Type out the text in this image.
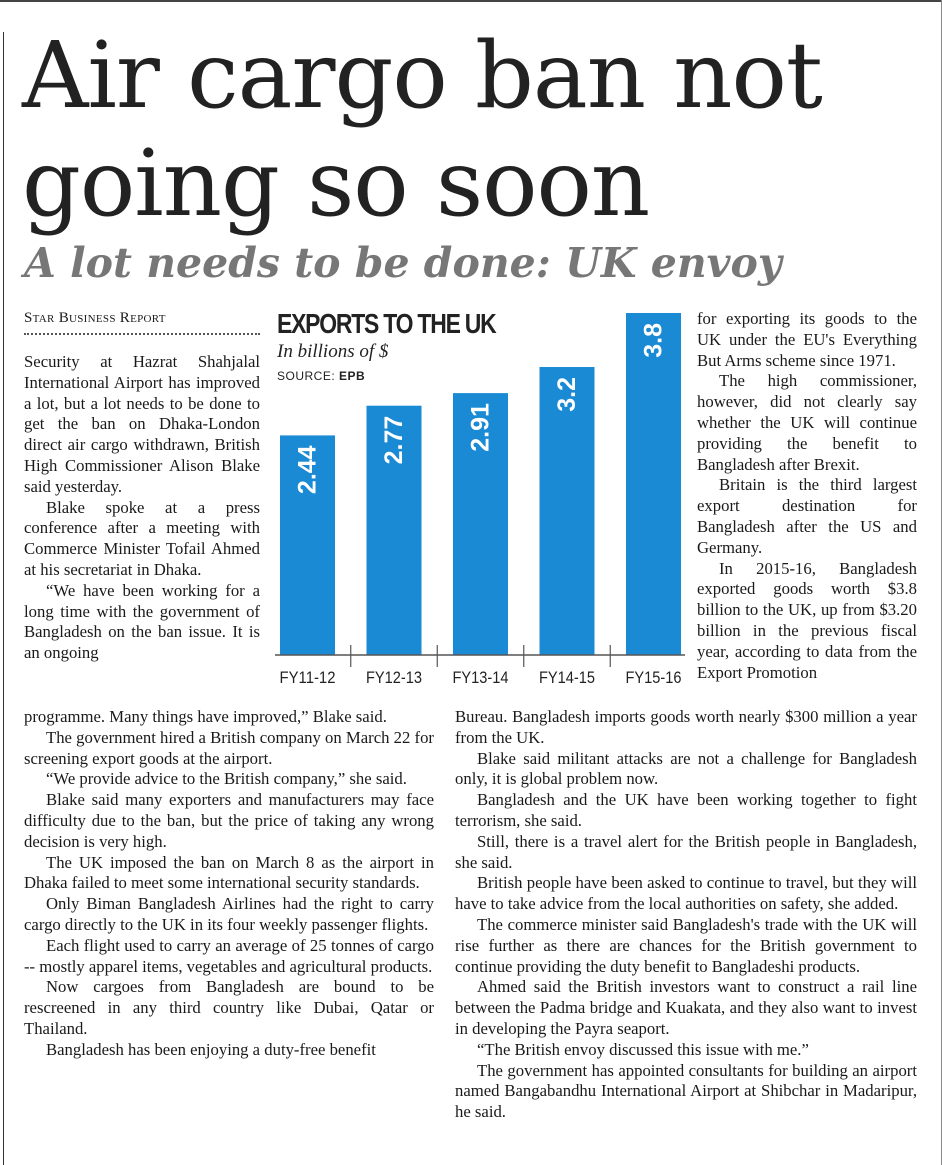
Air cargo ban not
going so soon
A lot needs to be done: UK envoy
Star Business Report

Security at Hazrat Shahjalal International Airport has improved a lot, but a lot needs to be done to get the ban on Dhaka-London direct air cargo withdrawn, British High Commissioner Alison Blake said yesterday.

Blake spoke at a press conference after a meeting with Commerce Minister Tofail Ahmed at his secretariat in Dhaka.

“We have been working for a long time with the government of Bangladesh on the ban issue. It is an ongoing

EXPORTS TO THE UK
In billions of $
SOURCE: EPB
2.44
2.77 2.91
3.2
3.8
FY11-12 FY12-13 FY13-14 FY14-15 FY15-16

for exporting its goods to the UK under the EU's Everything But Arms scheme since 1971.

The high commissioner, however, did not clearly say whether the UK will continue providing the benefit to Bangladesh after Brexit.

Britain is the third largest export destination for Bangladesh after the US and Germany.

In 2015-16, Bangladesh exported goods worth $3.8 billion to the UK, up from $3.20 billion in the previous fiscal year, according to data from the Export Promotion

programme. Many things have improved,” Blake said.

The government hired a British company on March 22 for screening export goods at the airport.

“We provide advice to the British company,” she said.

Blake said many exporters and manufacturers may face difficulty due to the ban, but the price of taking any wrong decision is very high.

The UK imposed the ban on March 8 as the airport in Dhaka failed to meet some international security standards.

Only Biman Bangladesh Airlines had the right to carry cargo directly to the UK in its four weekly passenger flights.

Each flight used to carry an average of 25 tonnes of cargo -- mostly apparel items, vegetables and agricultural products.

Now cargoes from Bangladesh are bound to be rescreened in any third country like Dubai, Qatar or Thailand.

Bangladesh has been enjoying a duty-free benefit

Bureau. Bangladesh imports goods worth nearly $300 million a year from the UK.

Blake said militant attacks are not a challenge for Bangladesh only, it is global problem now.

Bangladesh and the UK have been working together to fight terrorism, she said.

Still, there is a travel alert for the British people in Bangladesh, she said.

British people have been asked to continue to travel, but they will have to take advice from the local authorities on safety, she added.

The commerce minister said Bangladesh's trade with the UK will rise further as there are chances for the British government to continue providing the duty benefit to Bangladeshi products.

Ahmed said the British investors want to construct a rail line between the Padma bridge and Kuakata, and they also want to invest in developing the Payra seaport.

“The British envoy discussed this issue with me.”

The government has appointed consultants for building an airport named Bangabandhu International Airport at Shibchar in Madaripur, he said.
